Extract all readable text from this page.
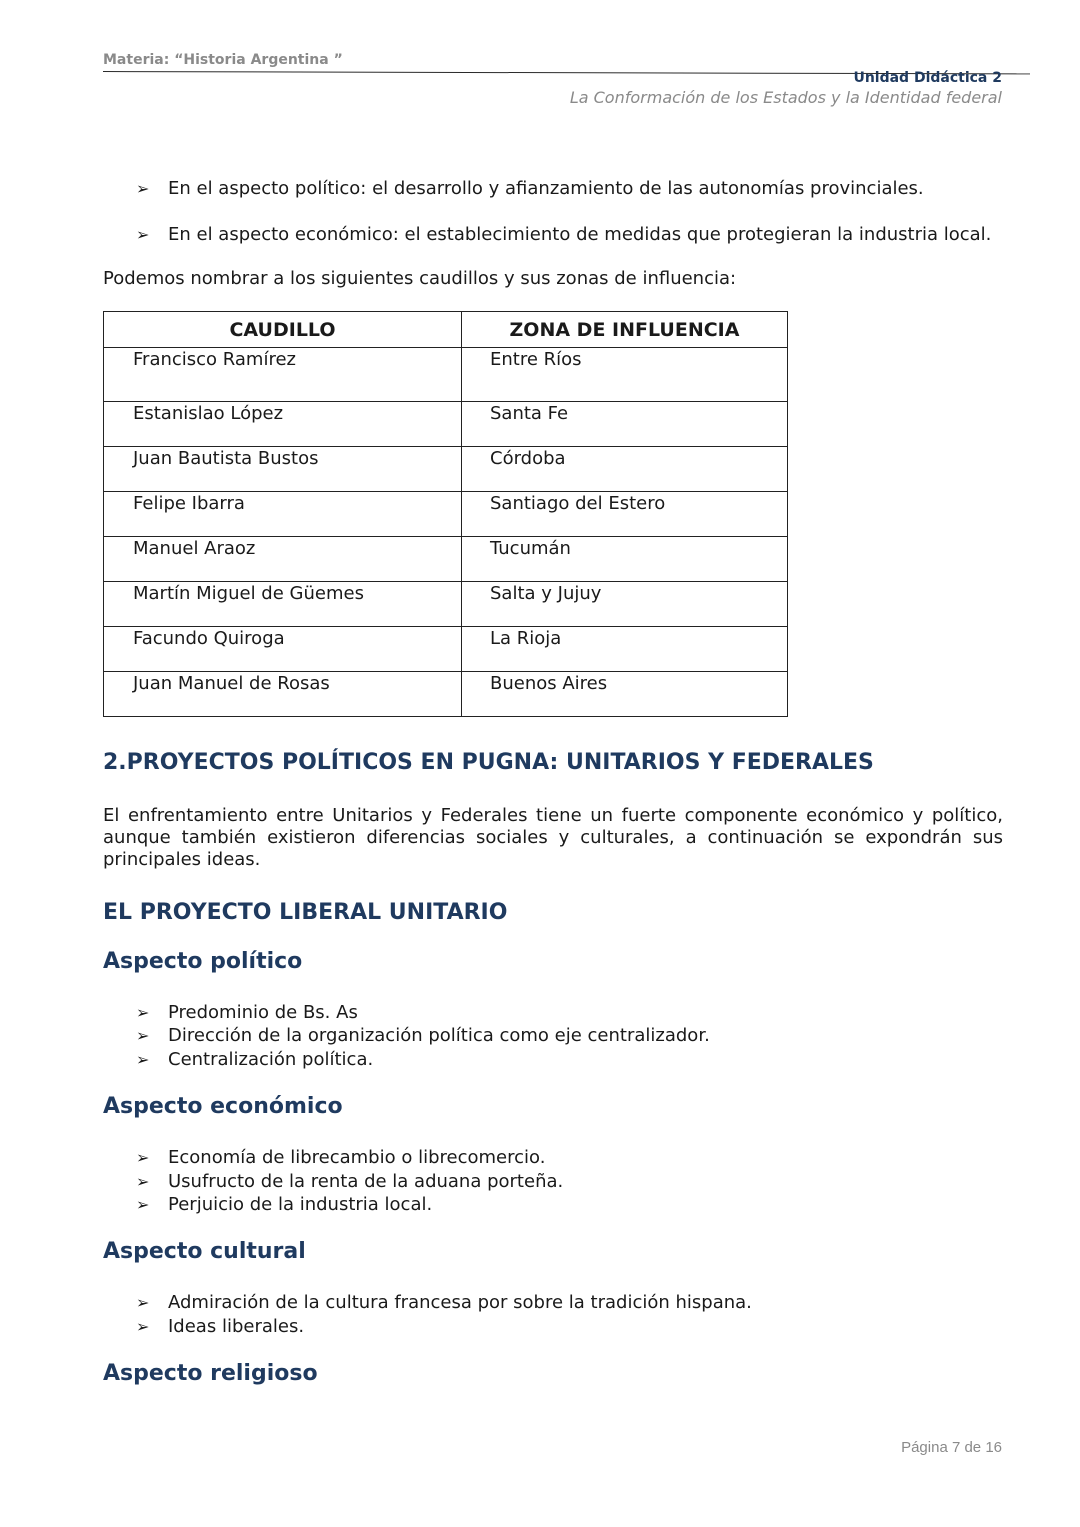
Materia: “Historia Argentina ”
Unidad Didáctica 2
La Conformación de los Estados y la Identidad federal
➢	En el aspecto político: el desarrollo y afianzamiento de las autonomías provinciales.
➢	En el aspecto económico: el establecimiento de medidas que protegieran la industria local.
Podemos nombrar a los siguientes caudillos y sus zonas de influencia:
CAUDILLO	ZONA DE INFLUENCIA
Francisco Ramírez	Entre Ríos
Estanislao López	Santa Fe
Juan Bautista Bustos	Córdoba
Felipe Ibarra	Santiago del Estero
Manuel Araoz	Tucumán
Martín Miguel de Güemes	Salta y Jujuy
Facundo Quiroga	La Rioja
Juan Manuel de Rosas	Buenos Aires
2.PROYECTOS POLÍTICOS EN PUGNA: UNITARIOS Y FEDERALES
El enfrentamiento entre Unitarios y Federales tiene un fuerte componente económico y político, aunque también existieron diferencias sociales y culturales, a continuación se expondrán sus principales ideas.
EL PROYECTO LIBERAL UNITARIO
Aspecto político
➢	Predominio de Bs. As
➢	Dirección de la organización política como eje centralizador.
➢	Centralización política.
Aspecto económico
➢	Economía de librecambio o librecomercio.
➢	Usufructo de la renta de la aduana porteña.
➢	Perjuicio de la industria local.
Aspecto cultural
➢	Admiración de la cultura francesa por sobre la tradición hispana.
➢	Ideas liberales.
Aspecto religioso
Página 7 de 16
